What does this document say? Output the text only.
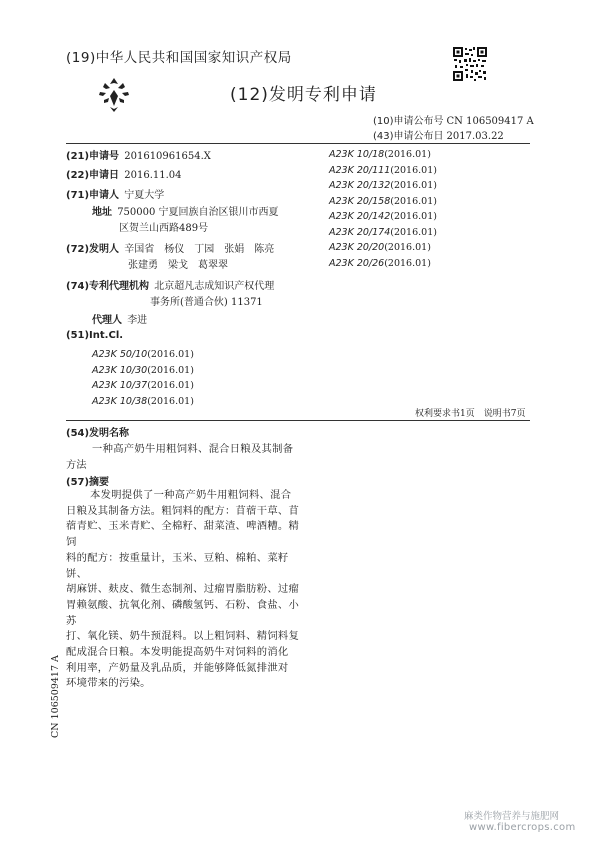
(19)中华人民共和国国家知识产权局
(12)发明专利申请
(10)申请公布号 CN 106509417 A
(43)申请公布日 2017.03.22
(21)申请号 201610961654.X
(22)申请日 2016.11.04
(71)申请人 宁夏大学
地址 750000 宁夏回族自治区银川市西夏
区贺兰山西路489号
(72)发明人 辛国省　杨仪　丁园　张娟　陈亮
张建勇　梁戈　葛翠翠
(74)专利代理机构 北京超凡志成知识产权代理
事务所(普通合伙) 11371
代理人 李进
(51)Int.Cl.
A23K 50/10(2016.01)
A23K 10/30(2016.01)
A23K 10/37(2016.01)
A23K 10/38(2016.01)
A23K 10/18(2016.01)
A23K 20/111(2016.01)
A23K 20/132(2016.01)
A23K 20/158(2016.01)
A23K 20/142(2016.01)
A23K 20/174(2016.01)
A23K 20/20(2016.01)
A23K 20/26(2016.01)
权利要求书1页　说明书7页
(54)发明名称
一种高产奶牛用粗饲料、混合日粮及其制备
方法
(57)摘要
本发明提供了一种高产奶牛用粗饲料、混合
日粮及其制备方法。粗饲料的配方：苜蓿干草、苜
蓿青贮、玉米青贮、全棉籽、甜菜渣、啤酒糟。精饲
料的配方：按重量计，玉米、豆粕、棉粕、菜籽饼、
胡麻饼、麸皮、微生态制剂、过瘤胃脂肪粉、过瘤
胃赖氨酸、抗氧化剂、磷酸氢钙、石粉、食盐、小苏
打、氧化镁、奶牛预混料。以上粗饲料、精饲料复
配成混合日粮。本发明能提高奶牛对饲料的消化
利用率，产奶量及乳品质，并能够降低氮排泄对
环境带来的污染。
CN 106509417 A
麻类作物营养与施肥网
www.fibercrops.com
